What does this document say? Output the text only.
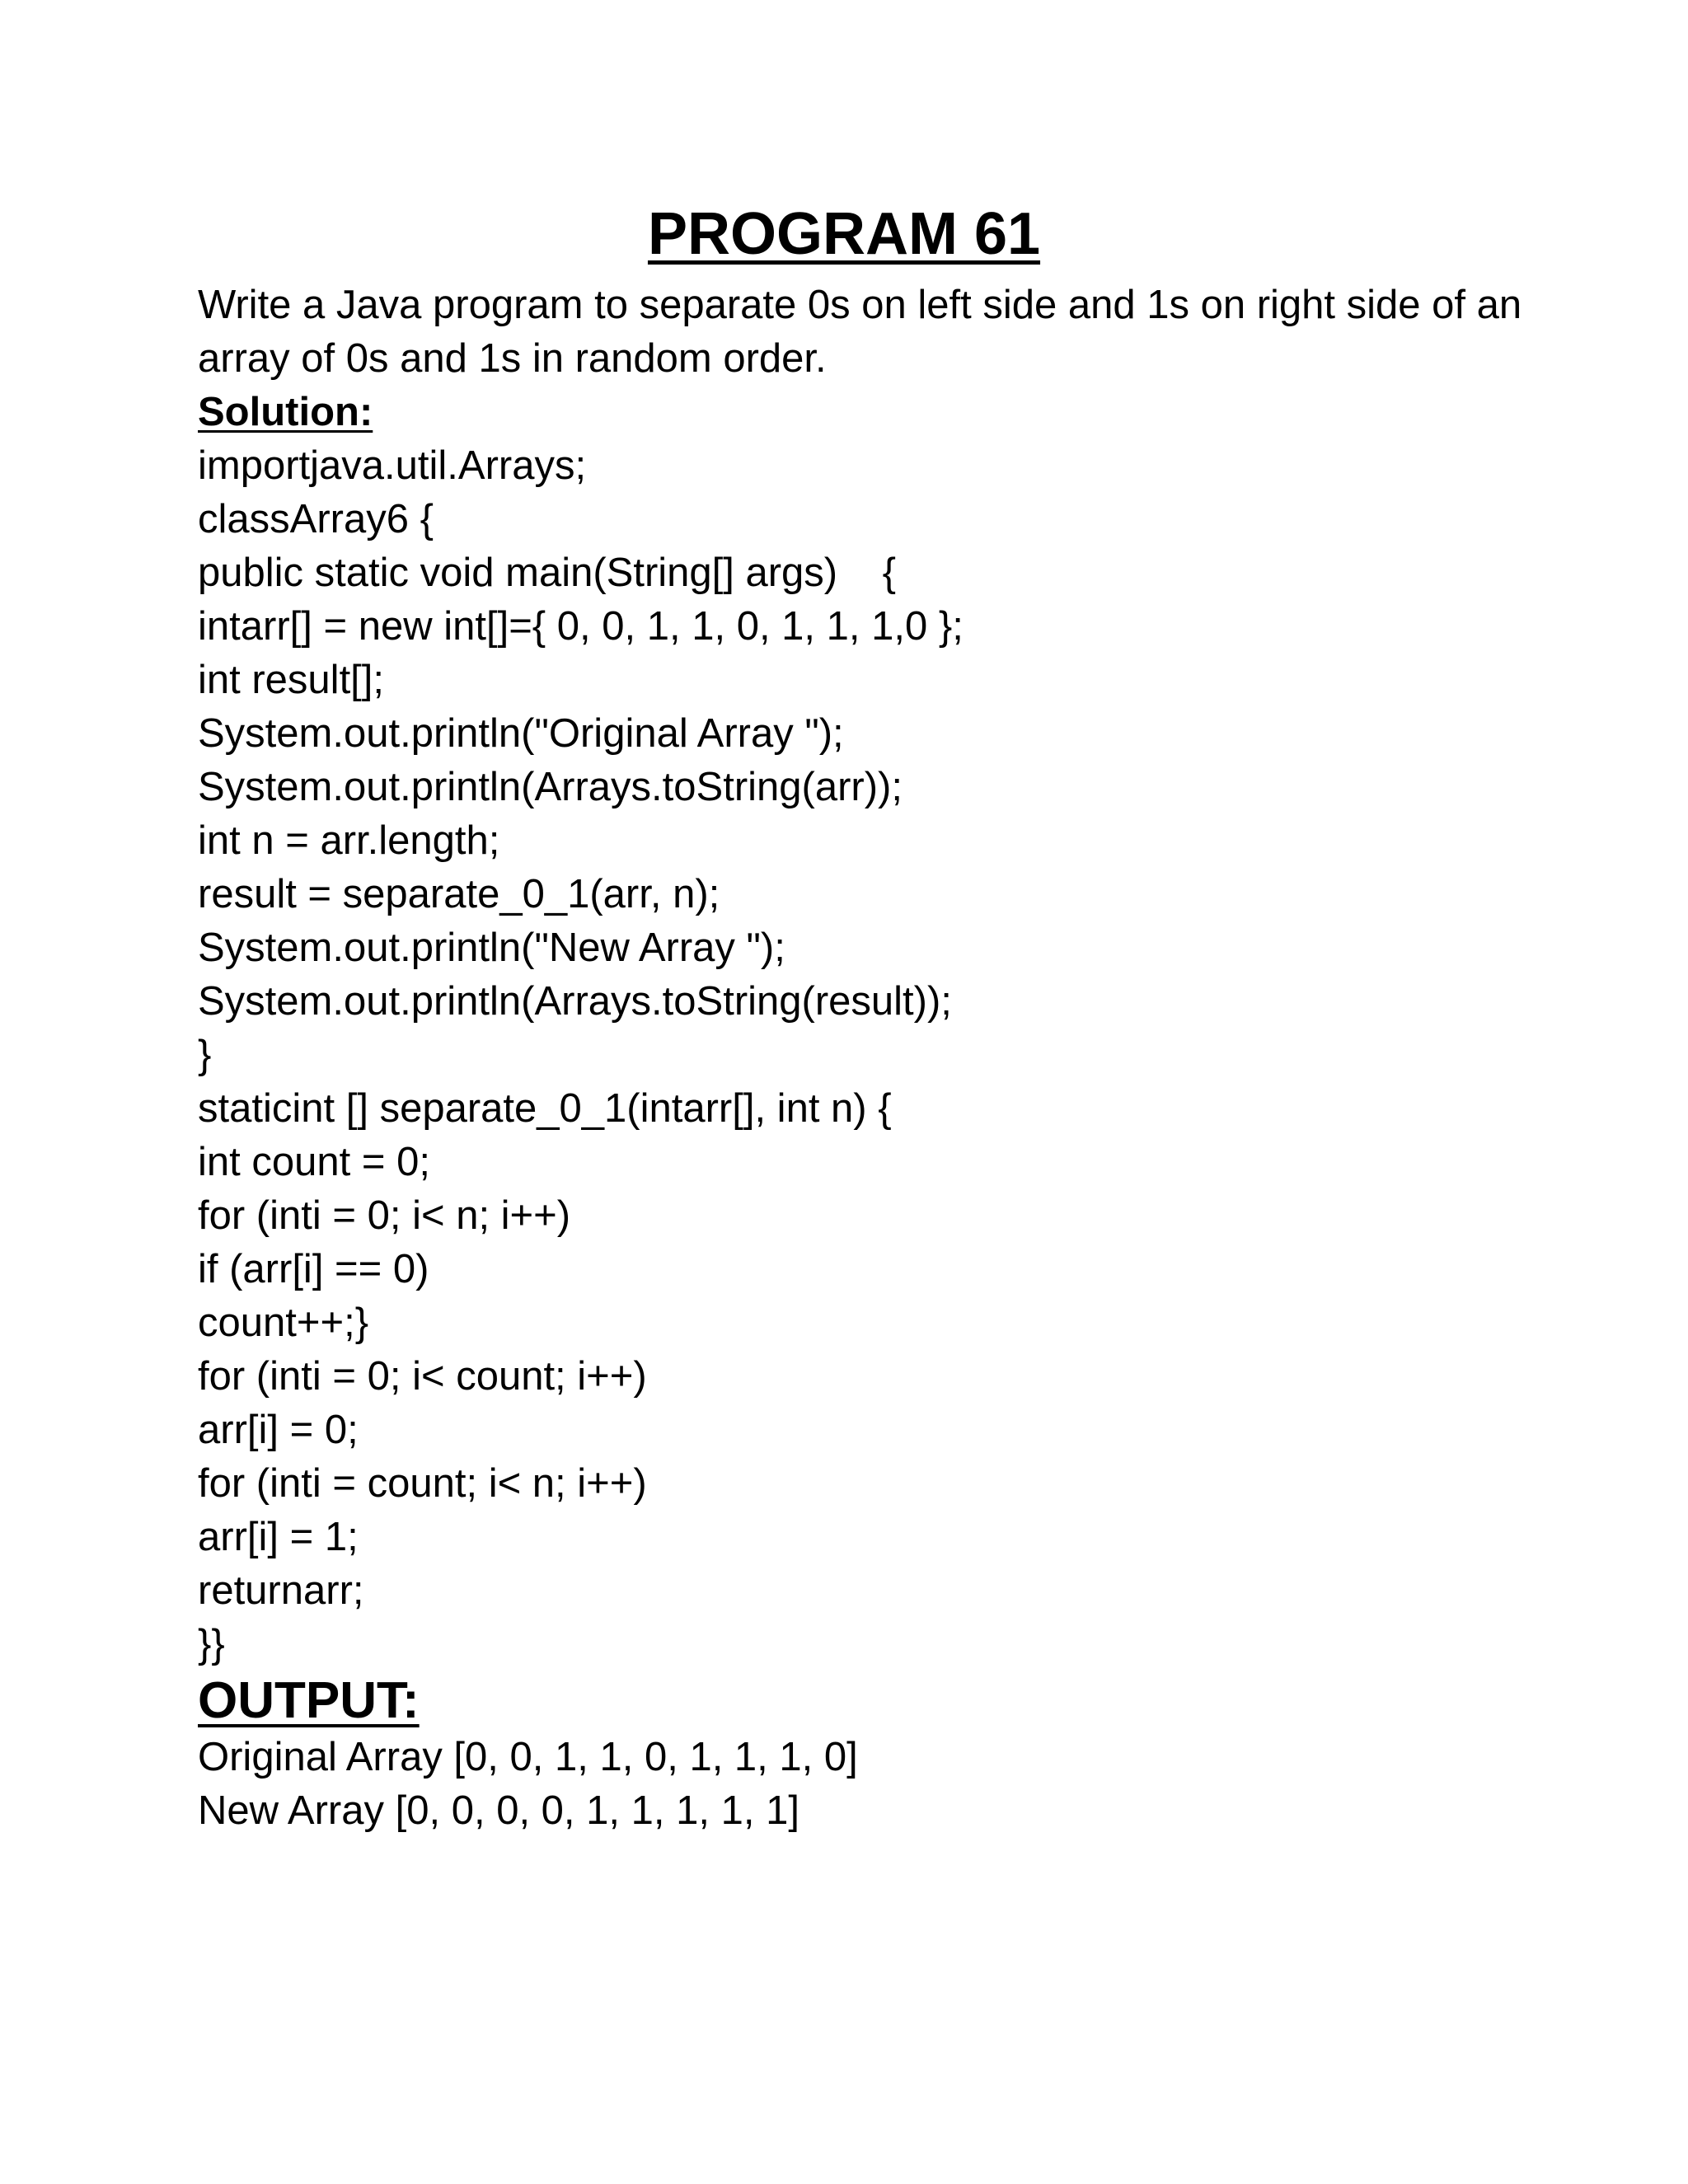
PROGRAM 61
Write a Java program to separate 0s on left side and 1s on right side of an array of 0s and 1s in random order.
Solution:
importjava.util.Arrays;
classArray6 {
public static void main(String[] args)    {
intarr[] = new int[]={ 0, 0, 1, 1, 0, 1, 1, 1,0 };
int result[];
System.out.println("Original Array ");
System.out.println(Arrays.toString(arr));
int n = arr.length;
result = separate_0_1(arr, n);
System.out.println("New Array ");
System.out.println(Arrays.toString(result));
}
staticint [] separate_0_1(intarr[], int n) {
int count = 0;
for (inti = 0; i< n; i++)
if (arr[i] == 0)
count++;}
for (inti = 0; i< count; i++)
arr[i] = 0;
for (inti = count; i< n; i++)
arr[i] = 1;
returnarr;
}}
OUTPUT:
Original Array [0, 0, 1, 1, 0, 1, 1, 1, 0]
New Array [0, 0, 0, 0, 1, 1, 1, 1, 1]
